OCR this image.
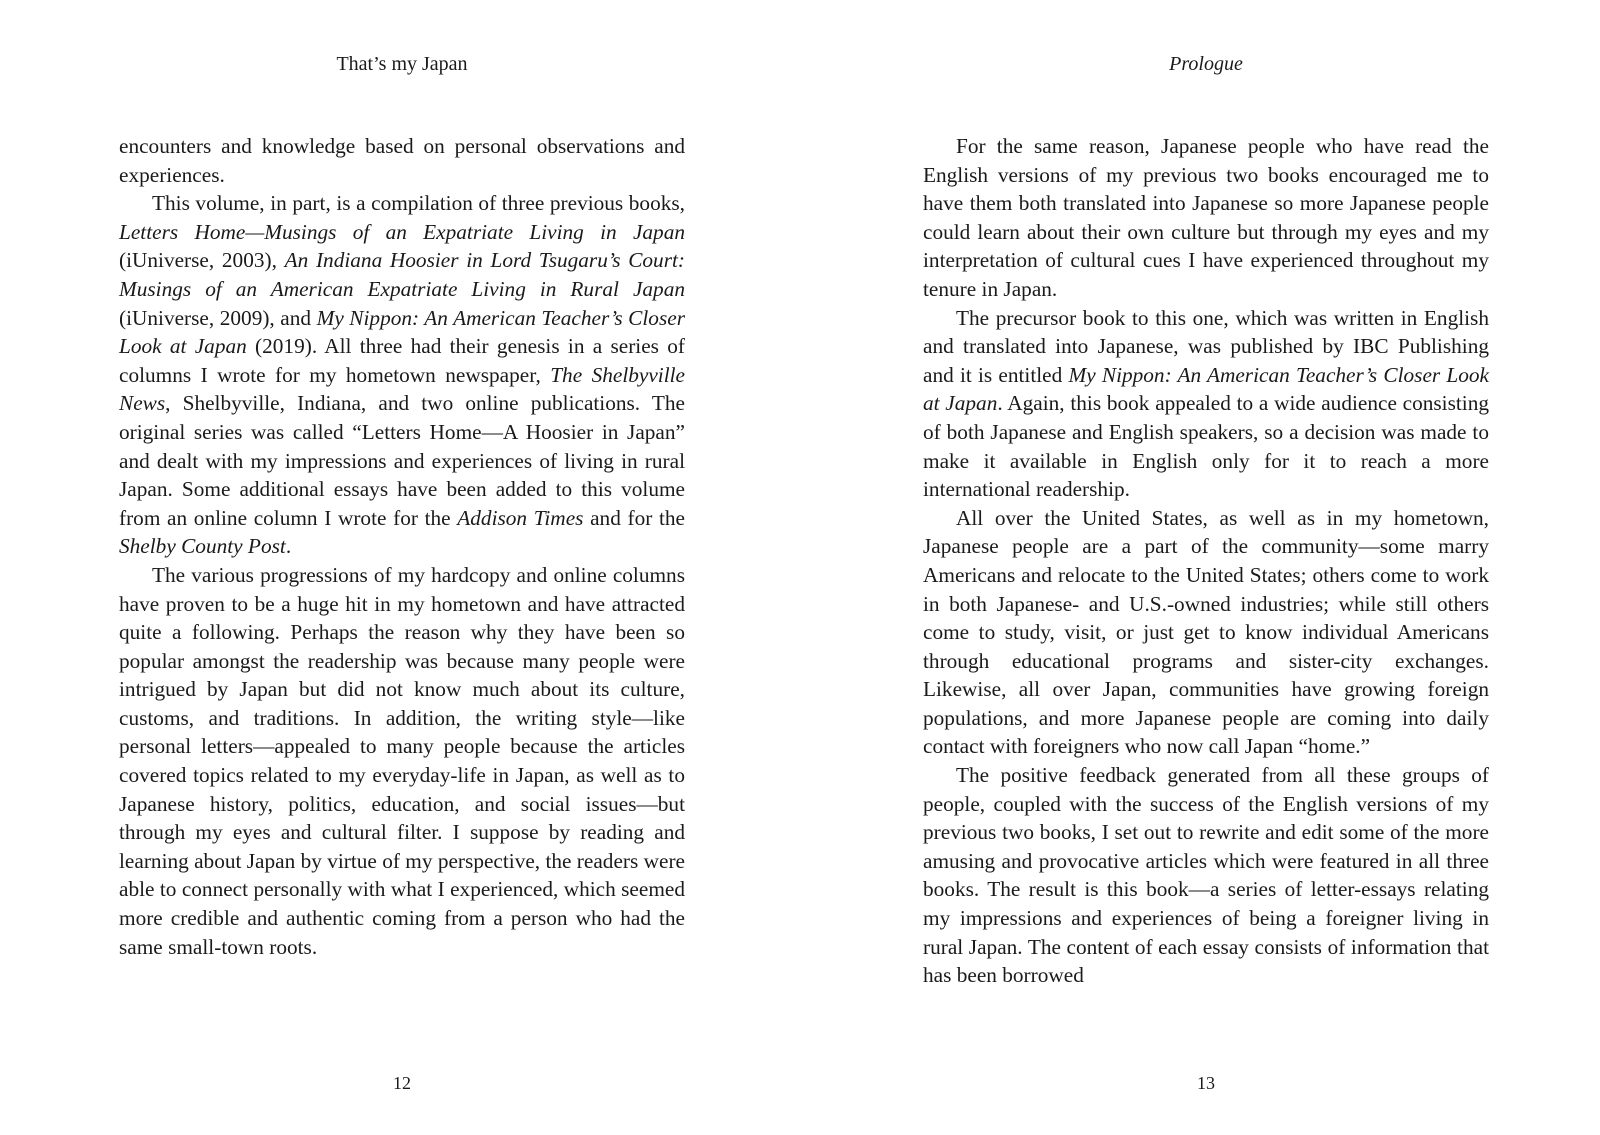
That’s my Japan

encounters and knowledge based on personal observations and experiences.

This volume, in part, is a compilation of three previous books, Letters Home—Musings of an Expatriate Living in Japan (iUniverse, 2003), An Indiana Hoosier in Lord Tsugaru’s Court: Musings of an American Expatriate Living in Rural Japan (iUniverse, 2009), and My Nippon: An American Teacher’s Closer Look at Japan (2019). All three had their genesis in a series of columns I wrote for my hometown newspaper, The Shelbyville News, Shelbyville, Indiana, and two online publications. The original series was called “Letters Home—A Hoosier in Japan” and dealt with my impressions and experiences of living in rural Japan. Some additional essays have been added to this volume from an online column I wrote for the Addison Times and for the Shelby County Post.

The various progressions of my hardcopy and online columns have proven to be a huge hit in my hometown and have attracted quite a following. Perhaps the reason why they have been so popular amongst the readership was because many people were intrigued by Japan but did not know much about its culture, customs, and traditions. In addition, the writing style—like personal letters—appealed to many people because the articles covered topics related to my everyday-life in Japan, as well as to Japanese history, politics, education, and social issues—but through my eyes and cultural filter. I suppose by reading and learning about Japan by virtue of my perspective, the readers were able to connect personally with what I experienced, which seemed more credible and authentic coming from a person who had the same small-town roots.

12
Prologue

For the same reason, Japanese people who have read the English versions of my previous two books encouraged me to have them both translated into Japanese so more Japanese people could learn about their own culture but through my eyes and my interpretation of cultural cues I have experienced throughout my tenure in Japan.

The precursor book to this one, which was written in English and translated into Japanese, was published by IBC Publishing and it is entitled My Nippon: An American Teacher’s Closer Look at Japan. Again, this book appealed to a wide audience consisting of both Japanese and English speakers, so a decision was made to make it available in English only for it to reach a more international readership.

All over the United States, as well as in my hometown, Japanese people are a part of the community—some marry Americans and relocate to the United States; others come to work in both Japanese- and U.S.-owned industries; while still others come to study, visit, or just get to know individual Americans through educational programs and sister-city exchanges. Likewise, all over Japan, communities have growing foreign populations, and more Japanese people are coming into daily contact with foreigners who now call Japan “home.”

The positive feedback generated from all these groups of people, coupled with the success of the English versions of my previous two books, I set out to rewrite and edit some of the more amusing and provocative articles which were featured in all three books. The result is this book—a series of letter-essays relating my impressions and experiences of being a foreigner living in rural Japan. The content of each essay consists of information that has been borrowed

13
